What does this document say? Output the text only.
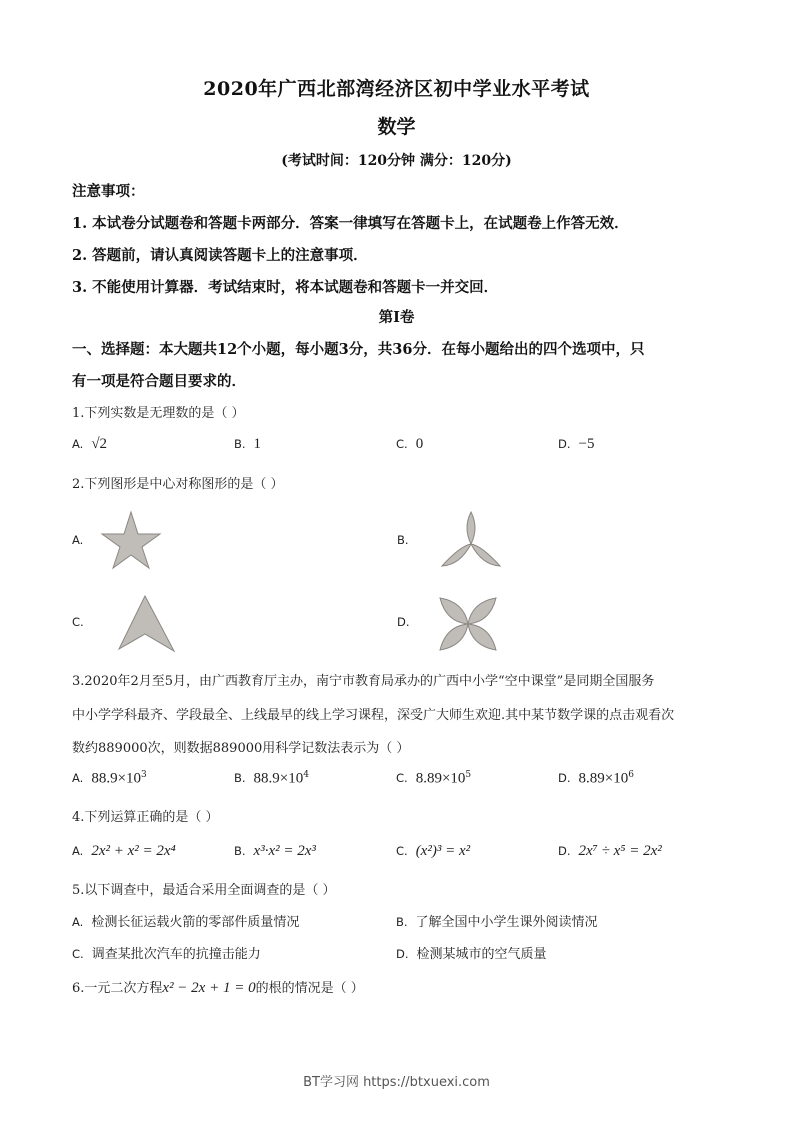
2020年广西北部湾经济区初中学业水平考试
数学
(考试时间：120分钟 满分：120分)
注意事项：
1. 本试卷分试题卷和答题卡两部分．答案一律填写在答题卡上，在试题卷上作答无效．
2. 答题前，请认真阅读答题卡上的注意事项．
3. 不能使用计算器．考试结束时，将本试题卷和答题卡一并交回．
第Ⅰ卷
一、选择题：本大题共12个小题，每小题3分，共36分．在每小题给出的四个选项中，只
有一项是符合题目要求的．
1.下列实数是无理数的是（ ）
A. √2	B. 1	C. 0	D. −5
2.下列图形是中心对称图形的是（ ）
A.	B.
C.	D.
3.2020年2月至5月，由广西教育厅主办，南宁市教育局承办的广西中小学“空中课堂”是同期全国服务
中小学学科最齐、学段最全、上线最早的线上学习课程，深受广大师生欢迎.其中某节数学课的点击观看次
数约889000次，则数据889000用科学记数法表示为（ ）
A. $88.9\times 10^3$	B. $88.9\times 10^4$	C. $8.89\times 10^5$	D. $8.89\times 10^6$
4.下列运算正确的是（ ）
A. 2x² + x² = 2x⁴	B. x³·x² = 2x³	C. (x²)³ = x²	D. 2x⁷ ÷ x⁵ = 2x²
5.以下调查中，最适合采用全面调查的是（ ）
A. 检测长征运载火箭的零部件质量情况	B. 了解全国中小学生课外阅读情况
C. 调查某批次汽车的抗撞击能力	D. 检测某城市的空气质量
6.一元二次方程x² − 2x + 1 = 0的根的情况是（ ）
BT学习网 https://btxuexi.com
